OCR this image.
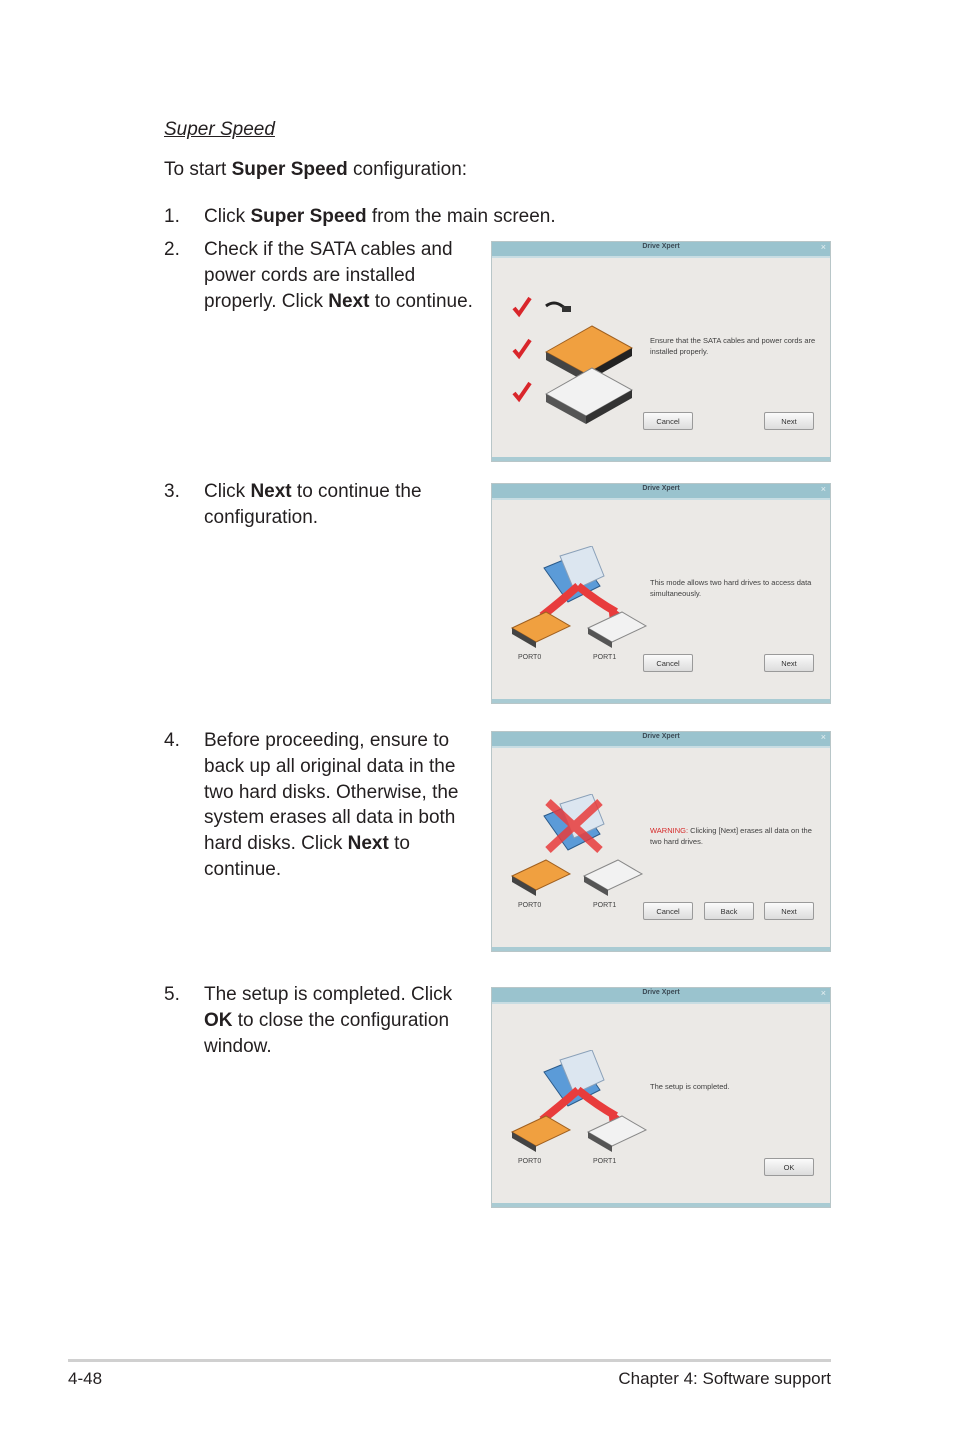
Super Speed
To start Super Speed configuration:
1. Click Super Speed from the main screen.
2. Check if the SATA cables and power cords are installed properly. Click Next to continue.
3. Click Next to continue the configuration.
4. Before proceeding, ensure to back up all original data in the two hard disks. Otherwise, the system erases all data in both hard disks. Click Next to continue.
5. The setup is completed. Click OK to close the configuration window.
Drive Xpert	×
Ensure that the SATA cables and power cords are installed properly.
Cancel	Next
Drive Xpert	×
PORT0	PORT1
This mode allows two hard drives to access data simultaneously.
Cancel	Next
Drive Xpert	×
PORT0	PORT1
WARNING: Clicking [Next] erases all data on the two hard drives.
Cancel	Back	Next
Drive Xpert	×
PORT0	PORT1
The setup is completed.
OK
4-48	Chapter 4: Software support
